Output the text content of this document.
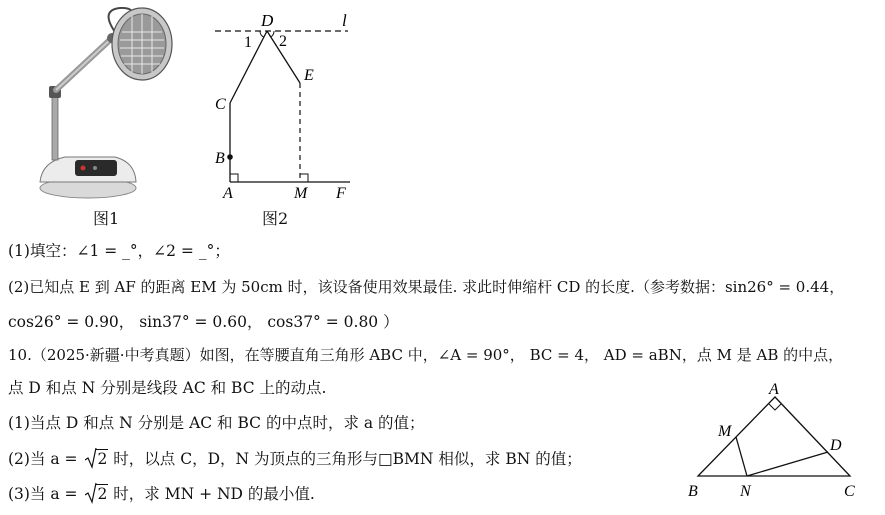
图1
D	l
1 2
E
C
B
A	M F
图2
(1)填空：∠1 = _°，∠2 = _°；
(2)已知点 E 到 AF 的距离 EM 为 50cm 时，该设备使用效果最佳. 求此时伸缩杆 CD 的长度.（参考数据：sin26° = 0.44，
cos26° = 0.90， sin37° = 0.60， cos37° = 0.80 ）
10.（2025·新疆·中考真题）如图，在等腰直角三角形 ABC 中，∠A = 90°， BC = 4， AD = aBN，点 M 是 AB 的中点，
点 D 和点 N 分别是线段 AC 和 BC 上的动点.
(1)当点 D 和点 N 分别是 AC 和 BC 的中点时，求 a 的值；
(2)当 a = 2 时，以点 C，D，N 为顶点的三角形与□BMN 相似，求 BN 的值；
(3)当 a = 2 时，求 MN + ND 的最小值.
A
M
D
B	N	C
